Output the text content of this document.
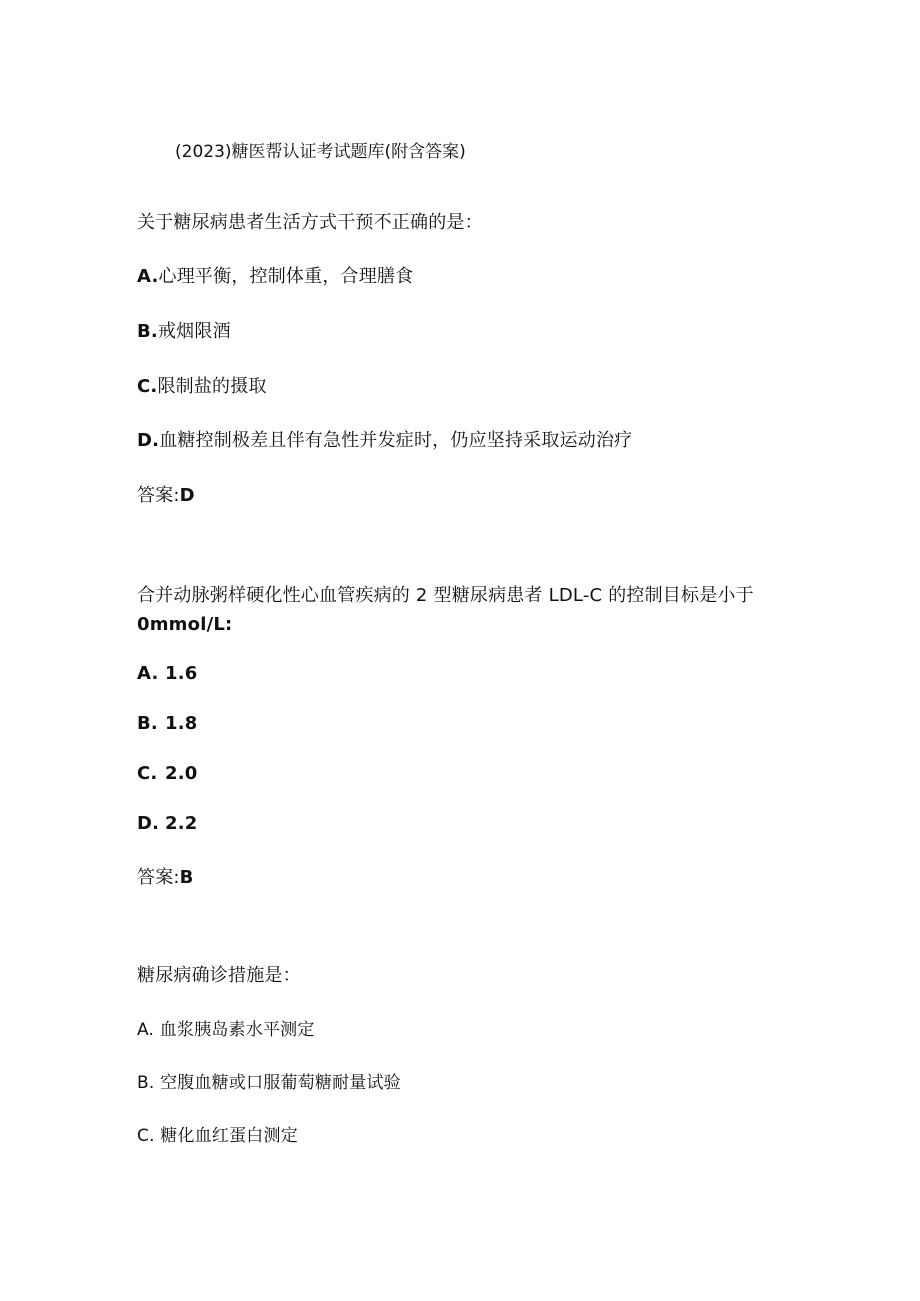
(2023)糖医帮认证考试题库(附含答案)
关于糖尿病患者生活方式干预不正确的是：
A.心理平衡，控制体重，合理膳食
B.戒烟限酒
C.限制盐的摄取
D.血糖控制极差且伴有急性并发症时，仍应坚持采取运动治疗
答案:D
合并动脉粥样硬化性心血管疾病的 2 型糖尿病患者 LDL-C 的控制目标是小于
0mmol/L:
A. 1.6
B. 1.8
C. 2.0
D. 2.2
答案:B
糖尿病确诊措施是：
A. 血浆胰岛素水平测定
B. 空腹血糖或口服葡萄糖耐量试验
C. 糖化血红蛋白测定
